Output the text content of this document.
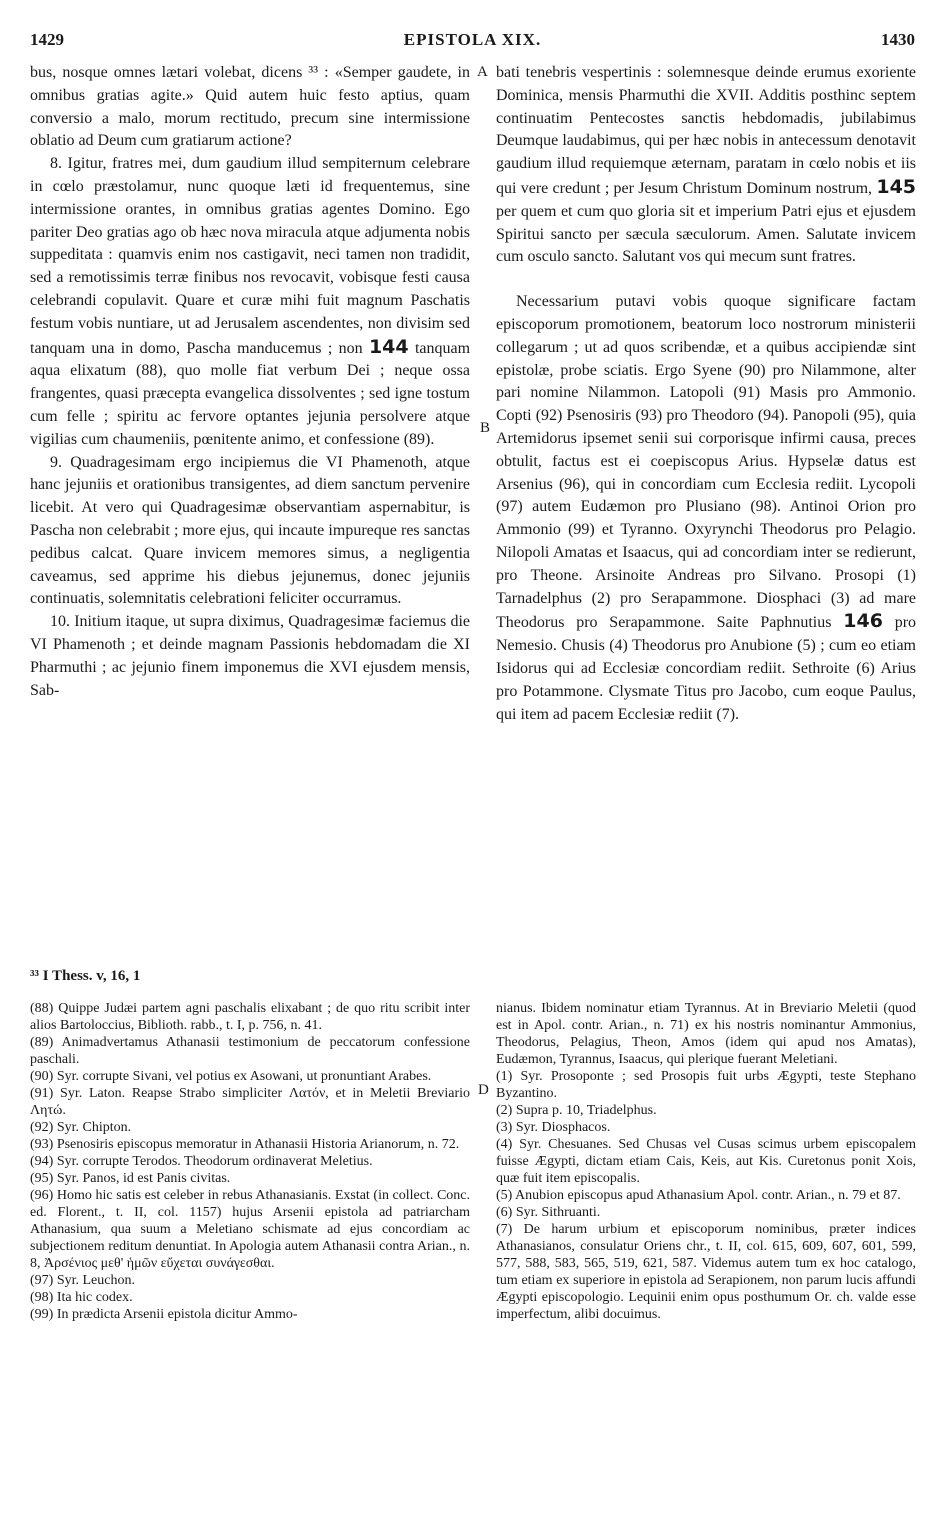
1429	EPISTOLA XIX.	1430

bus, nosque omnes lætari volebat, dicens ³³ : «Semper gaudete, in omnibus gratias agite.» Quid autem huic festo aptius, quam conversio a malo, morum rectitudo, precum sine intermissione oblatio ad Deum cum gratiarum actione?

8. Igitur, fratres mei, dum gaudium illud sempiternum celebrare in cœlo præstolamur, nunc quoque læti id frequentemus, sine intermissione orantes, in omnibus gratias agentes Domino. Ego pariter Deo gratias ago ob hæc nova miracula atque adjumenta nobis suppeditata : quamvis enim nos castigavit, neci tamen non tradidit, sed a remotissimis terræ finibus nos revocavit, vobisque festi causa celebrandi copulavit. Quare et curæ mihi fuit magnum Paschatis festum vobis nuntiare, ut ad Jerusalem ascendentes, non divisim sed tanquam una in domo, Pascha manducemus ; non 144 tanquam aqua elixatum (88), quo molle fiat verbum Dei ; neque ossa frangentes, quasi præcepta evangelica dissolventes ; sed igne tostum cum felle ; spiritu ac fervore optantes jejunia persolvere atque vigilias cum chaumeniis, pœnitente animo, et confessione (89).

9. Quadragesimam ergo incipiemus die VI Phamenoth, atque hanc jejuniis et orationibus transigentes, ad diem sanctum pervenire licebit. At vero qui Quadragesimæ observantiam aspernabitur, is Pascha non celebrabit ; more ejus, qui incaute impureque res sanctas pedibus calcat. Quare invicem memores simus, a negligentia caveamus, sed apprime his diebus jejunemus, donec jejuniis continuatis, solemnitatis celebrationi feliciter occurramus.

10. Initium itaque, ut supra diximus, Quadragesimæ faciemus die VI Phamenoth ; et deinde magnam Passionis hebdomadam die XI Pharmuthi ; ac jejunio finem imponemus die XVI ejusdem mensis, Sab-

A
B
D

bati tenebris vespertinis : solemnesque deinde erumus exoriente Dominica, mensis Pharmuthi die XVII. Additis posthinc septem continuatim Pentecostes sanctis hebdomadis, jubilabimus Deumque laudabimus, qui per hæc nobis in antecessum denotavit gaudium illud requiemque æternam, paratam in cœlo nobis et iis qui vere credunt ; per Jesum Christum Dominum nostrum, 145 per quem et cum quo gloria sit et imperium Patri ejus et ejusdem Spiritui sancto per sæcula sæculorum. Amen. Salutate invicem cum osculo sancto. Salutant vos qui mecum sunt fratres.

Necessarium putavi vobis quoque significare factam episcoporum promotionem, beatorum loco nostrorum ministerii collegarum ; ut ad quos scribendæ, et a quibus accipiendæ sint epistolæ, probe sciatis. Ergo Syene (90) pro Nilammone, alter pari nomine Nilammon. Latopoli (91) Masis pro Ammonio. Copti (92) Psenosiris (93) pro Theodoro (94). Panopoli (95), quia Artemidorus ipsemet senii sui corporisque infirmi causa, preces obtulit, factus est ei coepiscopus Arius. Hypselæ datus est Arsenius (96), qui in concordiam cum Ecclesia rediit. Lycopoli (97) autem Eudæmon pro Plusiano (98). Antinoi Orion pro Ammonio (99) et Tyranno. Oxyrynchi Theodorus pro Pelagio. Nilopoli Amatas et Isaacus, qui ad concordiam inter se redierunt, pro Theone. Arsinoite Andreas pro Silvano. Prosopi (1) Tarnadelphus (2) pro Serapammone. Diosphaci (3) ad mare Theodorus pro Serapammone. Saite Paphnutius 146 pro Nemesio. Chusis (4) Theodorus pro Anubione (5) ; cum eo etiam Isidorus qui ad Ecclesiæ concordiam rediit. Sethroite (6) Arius pro Potammone. Clysmate Titus pro Jacobo, cum eoque Paulus, qui item ad pacem Ecclesiæ rediit (7).

³³ I Thess. v, 16, 1

(88) Quippe Judæi partem agni paschalis elixabant ; de quo ritu scribit inter alios Bartoloccius, Biblioth. rabb., t. I, p. 756, n. 41.

(89) Animadvertamus Athanasii testimonium de peccatorum confessione paschali.

(90) Syr. corrupte Sivani, vel potius ex Asowani, ut pronuntiant Arabes.

(91) Syr. Laton. Reapse Strabo simpliciter Λατόν, et in Meletii Breviario Λητώ.

(92) Syr. Chipton.

(93) Psenosiris episcopus memoratur in Athanasii Historia Arianorum, n. 72.

(94) Syr. corrupte Terodos. Theodorum ordinaverat Meletius.

(95) Syr. Panos, id est Panis civitas.

(96) Homo hic satis est celeber in rebus Athanasianis. Exstat (in collect. Conc. ed. Florent., t. II, col. 1157) hujus Arsenii epistola ad patriarcham Athanasium, qua suum a Meletiano schismate ad ejus concordiam ac subjectionem reditum denuntiat. In Apologia autem Athanasii contra Arian., n. 8, Ἀρσένιος μεθ' ἡμῶν εὔχεται συνάγεσθαι.

(97) Syr. Leuchon.

(98) Ita hic codex.

(99) In prædicta Arsenii epistola dicitur Ammo-

nianus. Ibidem nominatur etiam Tyrannus. At in Breviario Meletii (quod est in Apol. contr. Arian., n. 71) ex his nostris nominantur Ammonius, Theodorus, Pelagius, Theon, Amos (idem qui apud nos Amatas), Eudæmon, Tyrannus, Isaacus, qui plerique fuerant Meletiani.

(1) Syr. Prosoponte ; sed Prosopis fuit urbs Ægypti, teste Stephano Byzantino.

(2) Supra p. 10, Triadelphus.

(3) Syr. Diosphacos.

(4) Syr. Chesuanes. Sed Chusas vel Cusas scimus urbem episcopalem fuisse Ægypti, dictam etiam Cais, Keis, aut Kis. Curetonus ponit Xois, quæ fuit item episcopalis.

(5) Anubion episcopus apud Athanasium Apol. contr. Arian., n. 79 et 87.

(6) Syr. Sithruanti.

(7) De harum urbium et episcoporum nominibus, præter indices Athanasianos, consulatur Oriens chr., t. II, col. 615, 609, 607, 601, 599, 577, 588, 583, 565, 519, 621, 587. Videmus autem tum ex hoc catalogo, tum etiam ex superiore in epistola ad Serapionem, non parum lucis affundi Ægypti episcopologio. Lequinii enim opus posthumum Or. ch. valde esse imperfectum, alibi docuimus.
